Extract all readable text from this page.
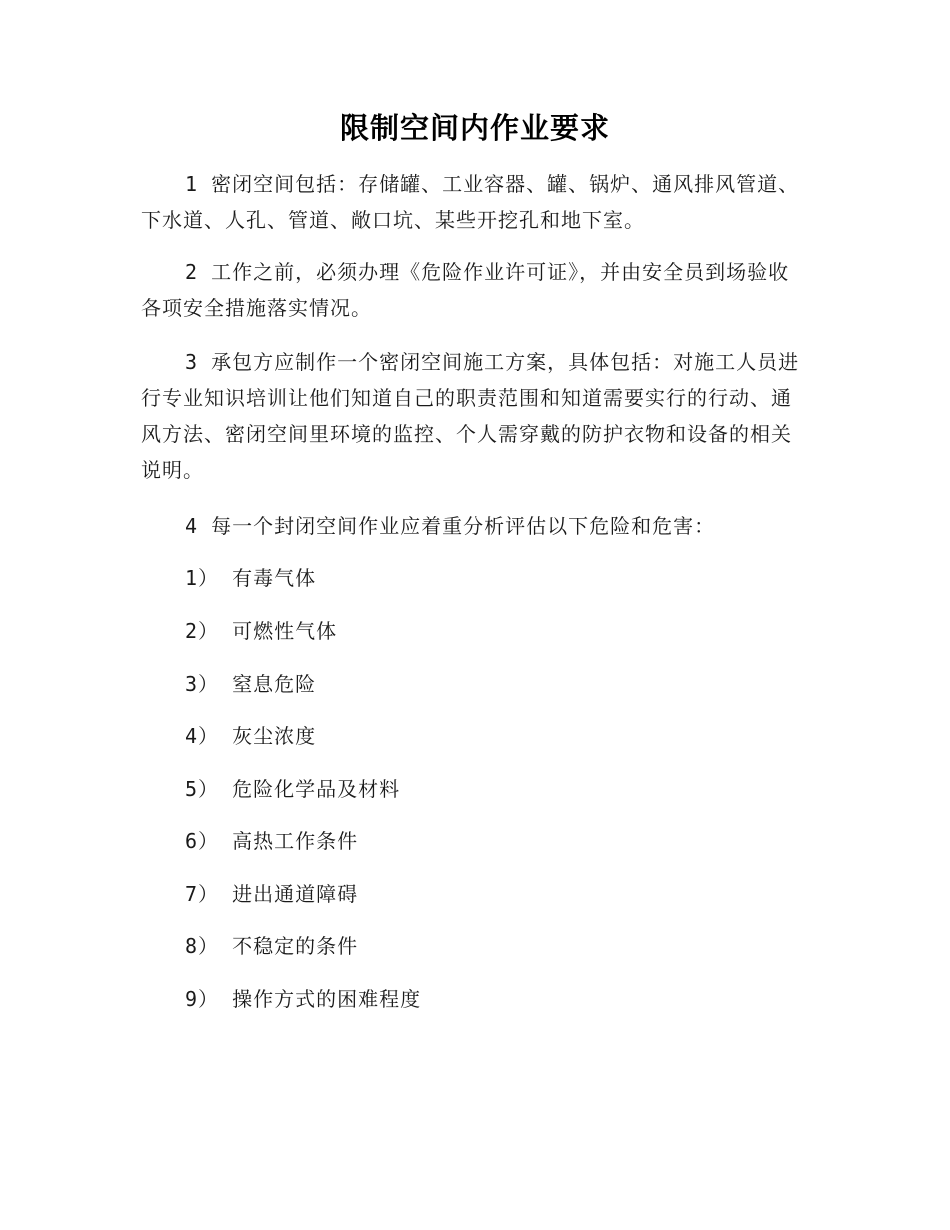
限制空间内作业要求
1 密闭空间包括：存储罐、工业容器、罐、锅炉、通风排风管道、下水道、人孔、管道、敞口坑、某些开挖孔和地下室。
2 工作之前，必须办理《危险作业许可证》，并由安全员到场验收各项安全措施落实情况。
3 承包方应制作一个密闭空间施工方案，具体包括：对施工人员进行专业知识培训让他们知道自己的职责范围和知道需要实行的行动、通风方法、密闭空间里环境的监控、个人需穿戴的防护衣物和设备的相关说明。
4 每一个封闭空间作业应着重分析评估以下危险和危害：
1） 有毒气体
2） 可燃性气体
3） 窒息危险
4） 灰尘浓度
5） 危险化学品及材料
6） 高热工作条件
7） 进出通道障碍
8） 不稳定的条件
9） 操作方式的困难程度
